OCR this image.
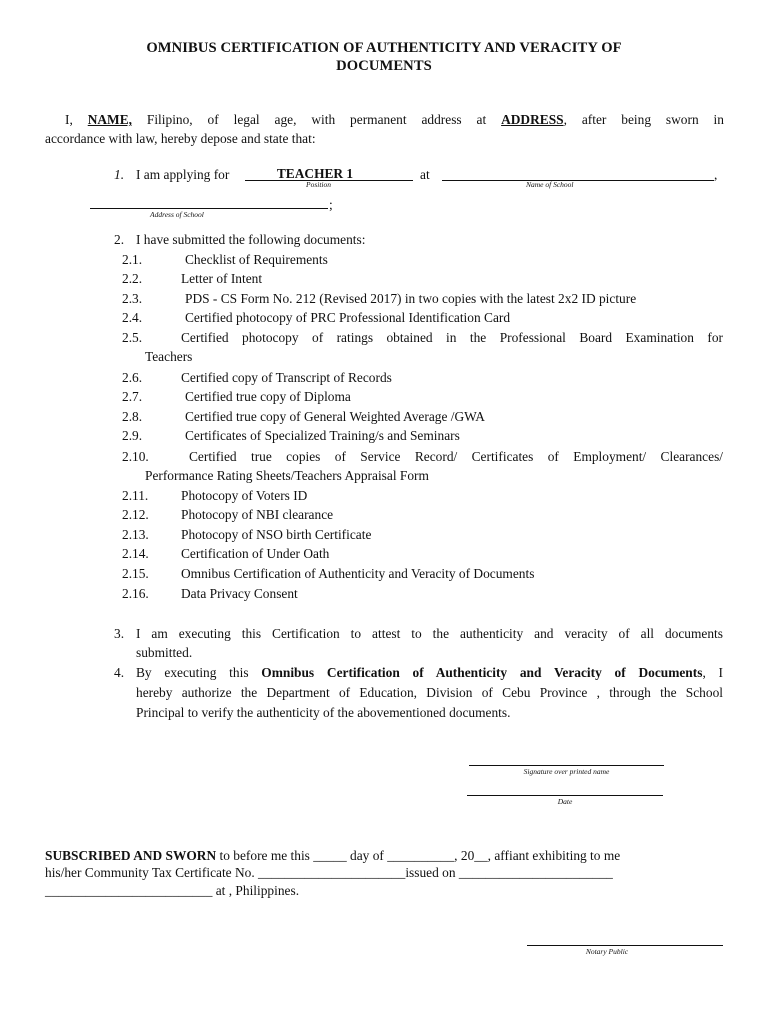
OMNIBUS CERTIFICATION OF AUTHENTICITY AND VERACITY OF
DOCUMENTS
I, NAME, Filipino, of legal age, with permanent address at ADDRESS, after being sworn in
accordance with law, hereby depose and state that:
1. I am applying for	TEACHER 1	at	,
Position	Name of School
;
Address of School
2. I have submitted the following documents:
2.1.	Checklist of Requirements
2.2.	Letter of Intent
2.3.	PDS - CS Form No. 212 (Revised 2017) in two copies with the latest 2x2 ID picture
2.4.	Certified photocopy of PRC Professional Identification Card
2.5.	Certified photocopy of ratings obtained in the Professional Board Examination for
Teachers
2.6.	Certified copy of Transcript of Records
2.7.	Certified true copy of Diploma
2.8.	Certified true copy of General Weighted Average /GWA
2.9.	Certificates of Specialized Training/s and Seminars
2.10.	Certified true copies of Service Record/ Certificates of Employment/ Clearances/
Performance Rating Sheets/Teachers Appraisal Form
2.11. Photocopy of Voters ID
2.12. Photocopy of NBI clearance
2.13. Photocopy of NSO birth Certificate
2.14. Certification of Under Oath
2.15. Omnibus Certification of Authenticity and Veracity of Documents
2.16. Data Privacy Consent
3. I am executing this Certification to attest to the authenticity and veracity of all documents
submitted.
4. By executing this Omnibus Certification of Authenticity and Veracity of Documents, I
hereby authorize the Department of Education, Division of Cebu Province , through the School
Principal to verify the authenticity of the abovementioned documents.
Signature over printed name
Date
SUBSCRIBED AND SWORN to before me this _____ day of __________, 20__, affiant exhibiting to me
his/her Community Tax Certificate No. ______________________issued on _______________________
_________________________ at , Philippines.
Notary Public
